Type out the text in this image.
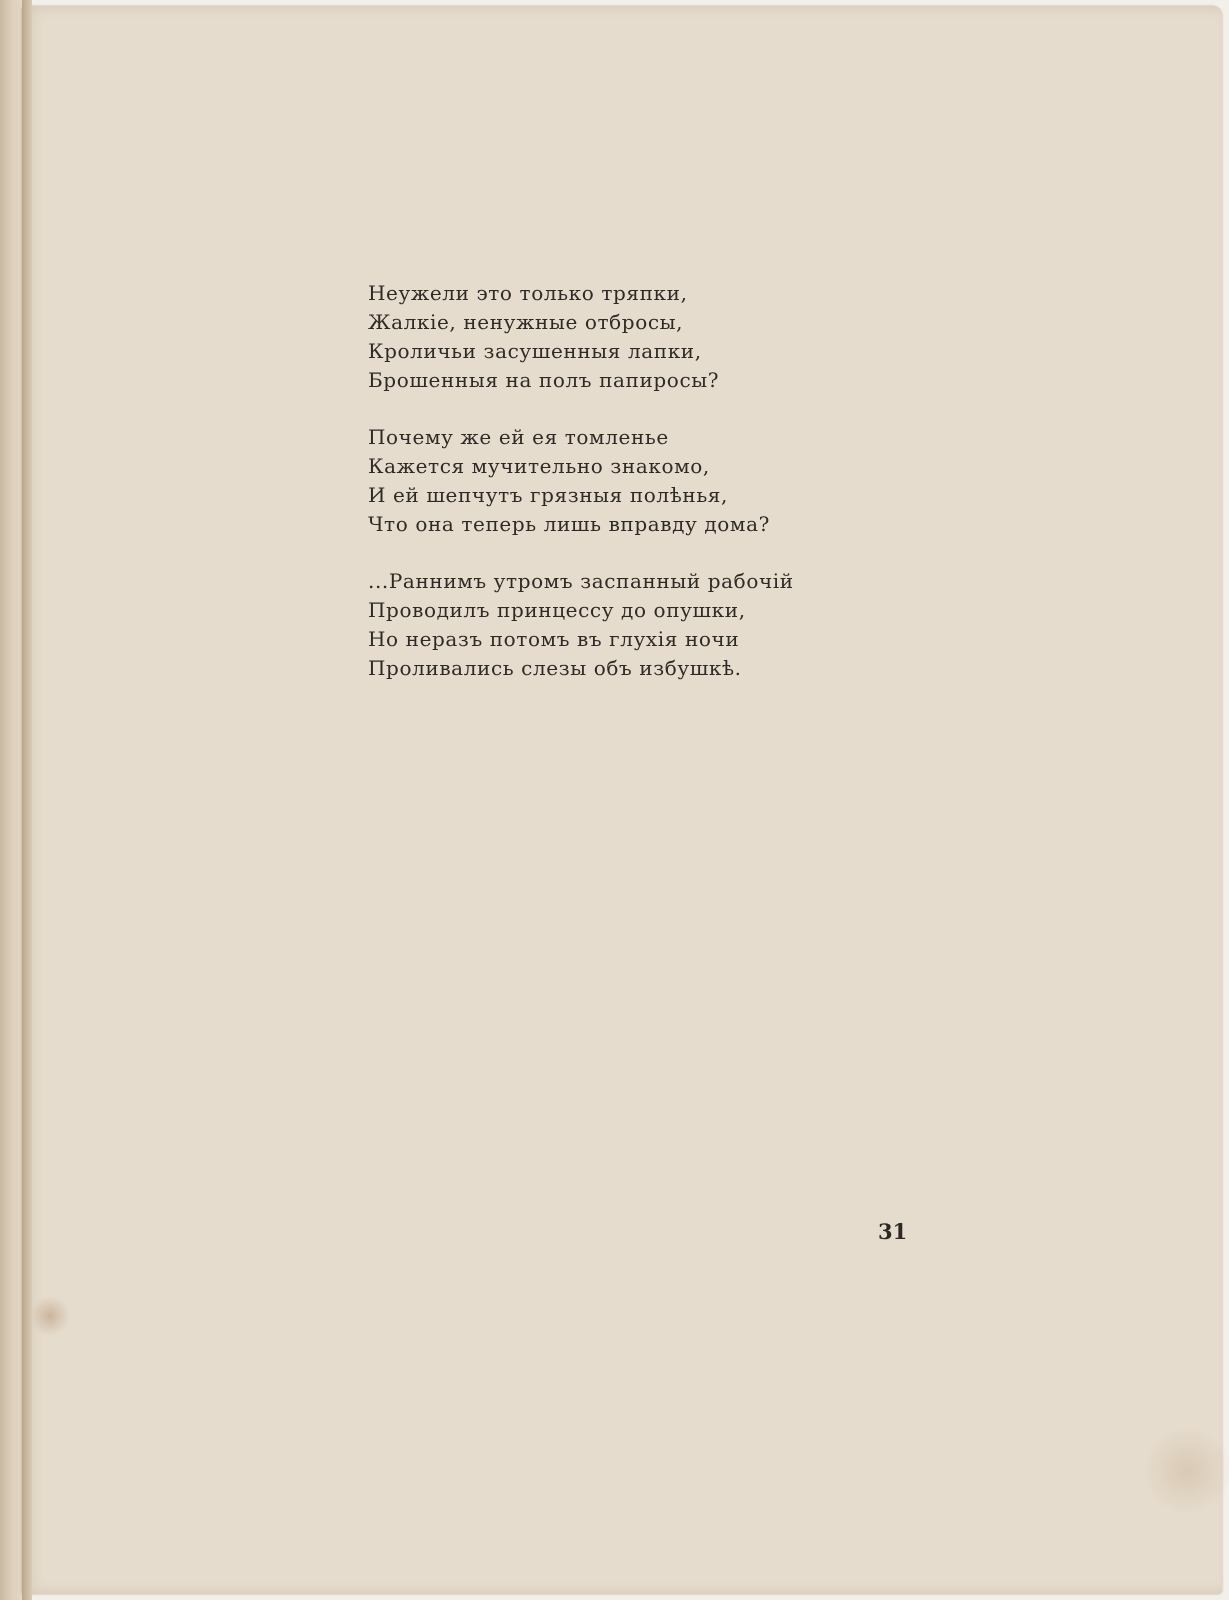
Неужели это только тряпки,
Жалкіе, ненужные отбросы,
Кроличьи засушенныя лапки,
Брошенныя на полъ папиросы?
Почему же ей ея томленье
Кажется мучительно знакомо,
И ей шепчутъ грязныя полѣнья,
Что она теперь лишь вправду дома?
...Раннимъ утромъ заспанный рабочій
Проводилъ принцессу до опушки,
Но неразъ потомъ въ глухія ночи
Проливались слезы объ избушкѣ.
31
